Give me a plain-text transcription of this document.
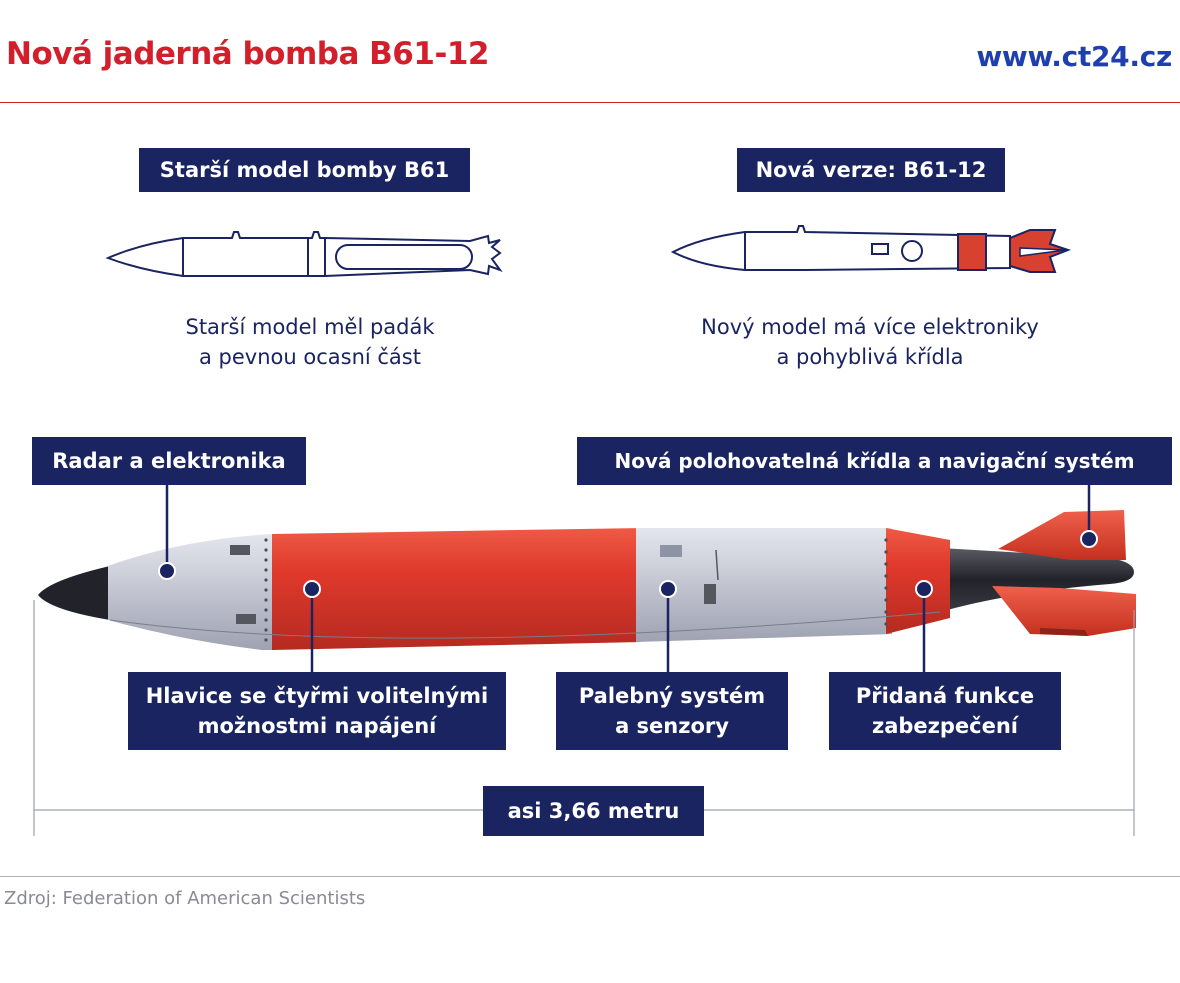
Nová jaderná bomba B61-12	www.ct24.cz
Starší model bomby B61	Nová verze: B61-12
Starší model měl padák
a pevnou ocasní část
Nový model má více elektroniky
a pohyblivá křídla
Radar a elektronika	Nová polohovatelná křídla a navigační systém
Hlavice se čtyřmi volitelnými
možnostmi napájení
Palebný systém
a senzory
Přidaná funkce
zabezpečení
asi 3,66 metru
Zdroj: Federation of American Scientists
